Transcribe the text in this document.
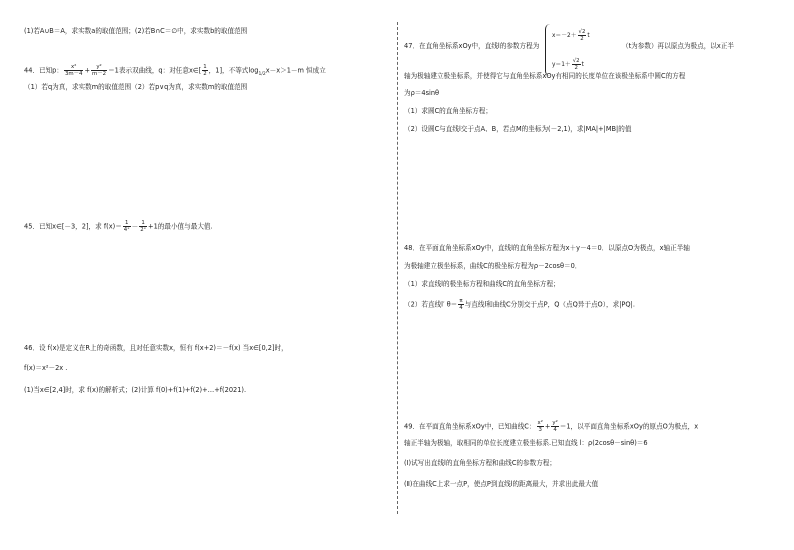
(1)若A∪B＝A，求实数a的取值范围；(2)若B∩C＝∅中，求实数b的取值范围
44．已知p： $\frac{\text{x²}}{3m-4} + \frac{\text{y²}}{m-2} =1$表示双曲线，q：对任意x∈[ $\frac{1}{2}$ ，1]，不等式$\log_{1/2}x-x>1-m$ 恒成立
（1）若q为真，求实数m的取值范围（2）若p∨q为真，求实数m的取值范围
45．已知x∈[－3，2]，求 $f(x)= \frac{1}{\text{4ˣ}} - \frac{1}{\text{2ˣ}} +1$的最小值与最大值.
46．设 f(x)是定义在R上的奇函数，且对任意实数x，恒有 f(x+2)＝－f(x) 当x∈[0,2]时，
f(x)＝x²－2x .
(1)当x∈[2,4]时，求 f(x)的解析式；(2)计算 f(0)+f(1)+f(2)+…+f(2021).
47．在直角坐标系xOy中，直线l的参数方程为
$x=-2+ \frac{√2}{2}$ t
$y=1+ \frac{√2}{2}$ t
（t为参数）再以原点为极点，以x正半
轴为极轴建立极坐标系，并使得它与直角坐标系xOy有相同的长度单位在该极坐标系中圆C的方程
为ρ＝4sinθ
（1）求圆C的直角坐标方程；
（2）设圆C与直线l交于点A、B，若点M的坐标为(－2,1)，求|MA|+|MB|的值
48．在平面直角坐标系xOy中，直线l的直角坐标方程为x＋y－4＝0．以原点O为极点，x轴正半轴
为极轴建立极坐标系，曲线C的极坐标方程为ρ－2cosθ＝0．
（1）求直线l的极坐标方程和曲线C的直角坐标方程；
（2）若直线l′ $\theta= \frac{\pi}{4}$ 与直线l和曲线C分别交于点P，Q（点Q异于点O），求|PQ|.
49．在平面直角坐标系xOy中，已知曲线C： $\frac{\text{x²}}{3} + \frac{\text{y²}}{4} =1$，以平面直角坐标系xOy的原点O为极点，x
轴正半轴为极轴，取相同的单位长度建立极坐标系.已知直线 l：ρ(2cosθ－sinθ)＝6
(Ⅰ)试写出直线l的直角坐标方程和曲线C的参数方程；
(Ⅱ)在曲线C上求一点P，使点P到直线l的距离最大，并求出此最大值
